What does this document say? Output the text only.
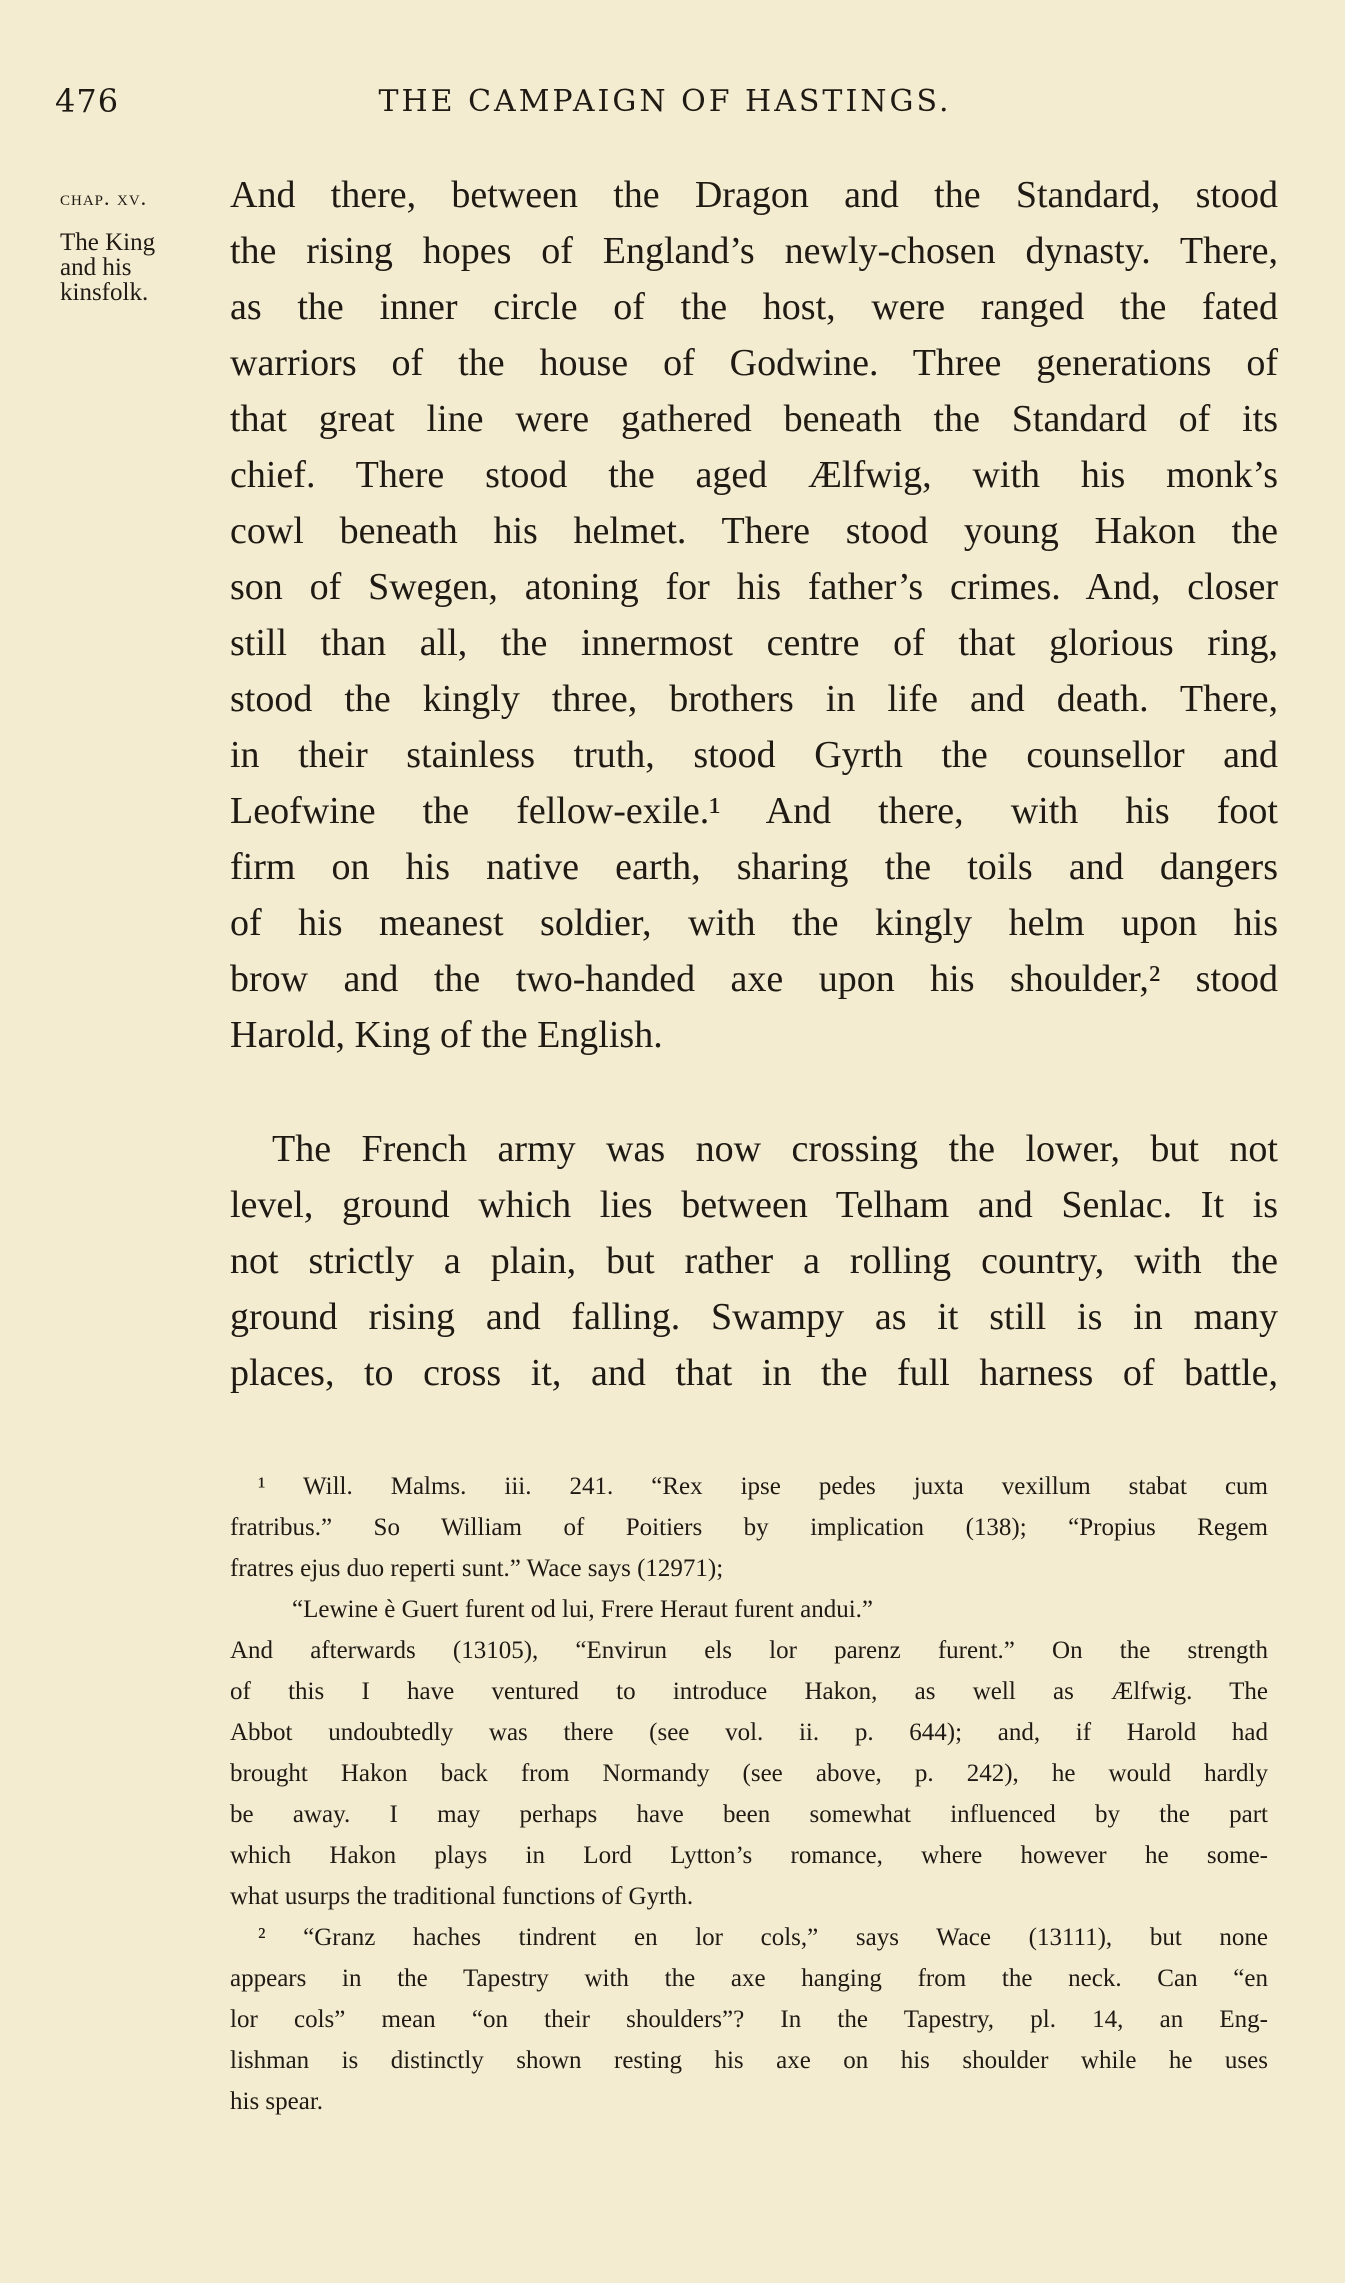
476	THE CAMPAIGN OF HASTINGS.
chap. xv.
The King
and his
kinsfolk.
And there, between the Dragon and the Standard, stood
the rising hopes of England’s newly-chosen dynasty. There,
as the inner circle of the host, were ranged the fated
warriors of the house of Godwine. Three generations of
that great line were gathered beneath the Standard of its
chief. There stood the aged Ælfwig, with his monk’s
cowl beneath his helmet. There stood young Hakon the
son of Swegen, atoning for his father’s crimes. And, closer
still than all, the innermost centre of that glorious ring,
stood the kingly three, brothers in life and death. There,
in their stainless truth, stood Gyrth the counsellor and
Leofwine the fellow-exile.¹ And there, with his foot
firm on his native earth, sharing the toils and dangers
of his meanest soldier, with the kingly helm upon his
brow and the two-handed axe upon his shoulder,² stood
Harold, King of the English.
The French army was now crossing the lower, but not
level, ground which lies between Telham and Senlac. It is
not strictly a plain, but rather a rolling country, with the
ground rising and falling. Swampy as it still is in many
places, to cross it, and that in the full harness of battle,
¹ Will. Malms. iii. 241. “Rex ipse pedes juxta vexillum stabat cum
fratribus.” So William of Poitiers by implication (138); “Propius Regem
fratres ejus duo reperti sunt.” Wace says (12971);
“Lewine è Guert furent od lui, Frere Heraut furent andui.”
And afterwards (13105), “Envirun els lor parenz furent.” On the strength
of this I have ventured to introduce Hakon, as well as Ælfwig. The
Abbot undoubtedly was there (see vol. ii. p. 644); and, if Harold had
brought Hakon back from Normandy (see above, p. 242), he would hardly
be away. I may perhaps have been somewhat influenced by the part
which Hakon plays in Lord Lytton’s romance, where however he some-
what usurps the traditional functions of Gyrth.
² “Granz haches tindrent en lor cols,” says Wace (13111), but none
appears in the Tapestry with the axe hanging from the neck. Can “en
lor cols” mean “on their shoulders”? In the Tapestry, pl. 14, an Eng-
lishman is distinctly shown resting his axe on his shoulder while he uses
his spear.
